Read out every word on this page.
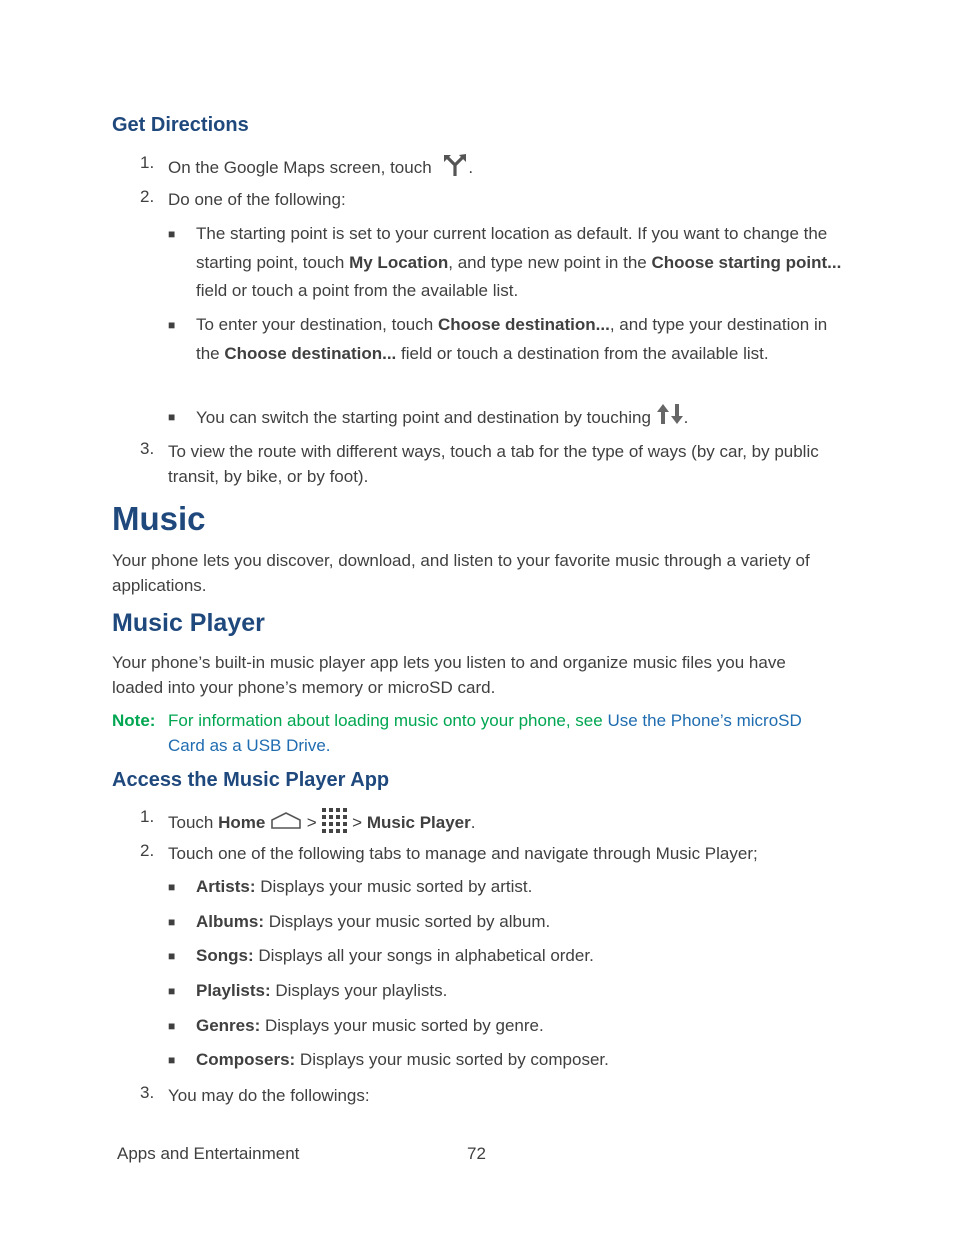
Get Directions
1. On the Google Maps screen, touch .
2. Do one of the following:
■ The starting point is set to your current location as default. If you want to change the starting point, touch My Location, and type new point in the Choose starting point... field or touch a point from the available list.
■ To enter your destination, touch Choose destination..., and type your destination in the Choose destination... field or touch a destination from the available list.
■ You can switch the starting point and destination by touching .
3. To view the route with different ways, touch a tab for the type of ways (by car, by public transit, by bike, or by foot).
Music
Your phone lets you discover, download, and listen to your favorite music through a variety of applications.
Music Player
Your phone’s built-in music player app lets you listen to and organize music files you have loaded into your phone’s memory or microSD card.
Note: For information about loading music onto your phone, see Use the Phone’s microSD Card as a USB Drive.
Access the Music Player App
1. Touch Home  >  > Music Player.
2. Touch one of the following tabs to manage and navigate through Music Player;
■ Artists: Displays your music sorted by artist.
■ Albums: Displays your music sorted by album.
■ Songs: Displays all your songs in alphabetical order.
■ Playlists: Displays your playlists.
■ Genres: Displays your music sorted by genre.
■ Composers: Displays your music sorted by composer.
3. You may do the followings:
Apps and Entertainment	72
